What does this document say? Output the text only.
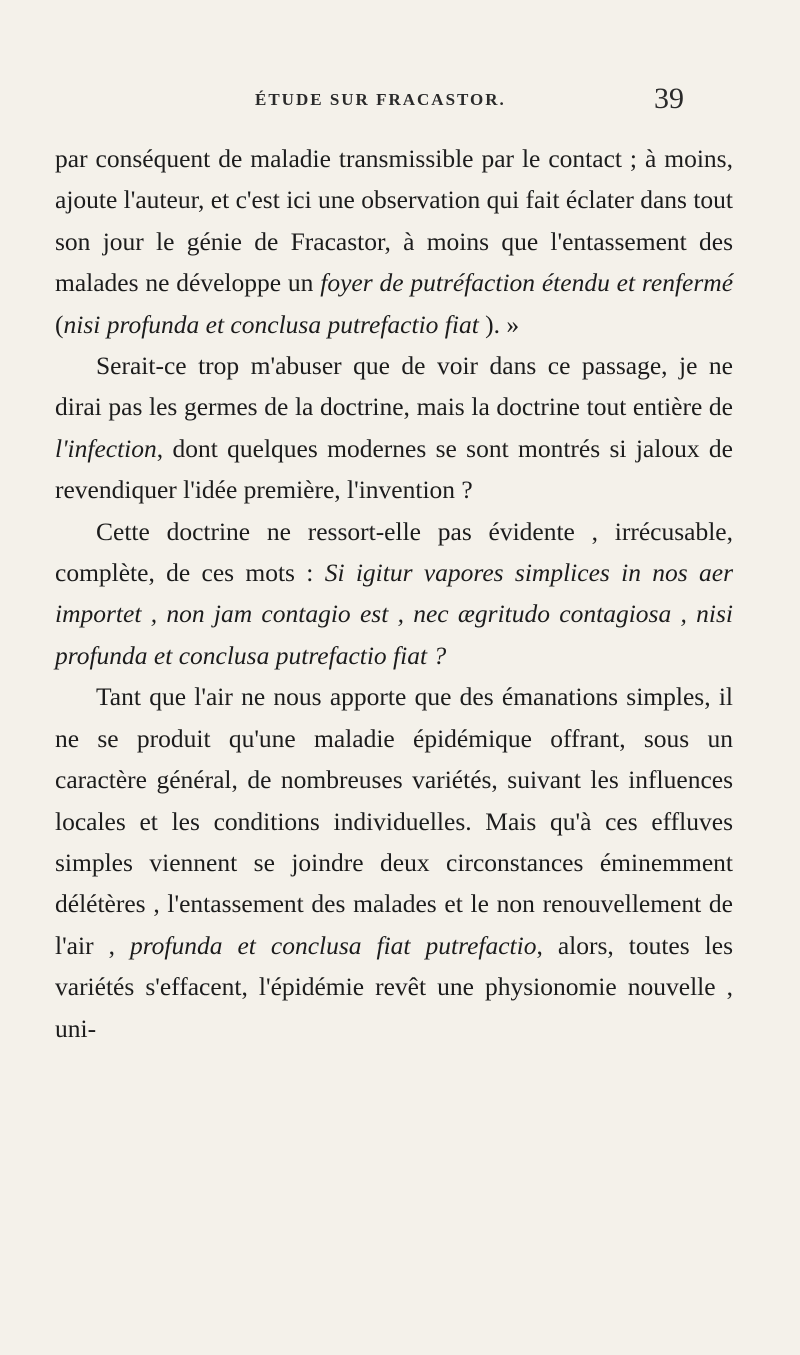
ÉTUDE SUR FRACASTOR.	39

par conséquent de maladie transmissible par le contact ; à moins, ajoute l'auteur, et c'est ici une observation qui fait éclater dans tout son jour le génie de Fracastor, à moins que l'entassement des malades ne développe un foyer de putréfaction étendu et renfermé (nisi profunda et conclusa putrefactio fiat ). »

Serait-ce trop m'abuser que de voir dans ce passage, je ne dirai pas les germes de la doctrine, mais la doctrine tout entière de l'infection, dont quelques modernes se sont montrés si jaloux de revendiquer l'idée première, l'invention ?

Cette doctrine ne ressort-elle pas évidente , irrécusable, complète, de ces mots : Si igitur vapores simplices in nos aer importet , non jam contagio est , nec ægritudo contagiosa , nisi profunda et conclusa putrefactio fiat ?

Tant que l'air ne nous apporte que des émanations simples, il ne se produit qu'une maladie épidémique offrant, sous un caractère général, de nombreuses variétés, suivant les influences locales et les conditions individuelles. Mais qu'à ces effluves simples viennent se joindre deux circonstances éminemment délétères , l'entassement des malades et le non renouvellement de l'air , profunda et conclusa fiat putrefactio, alors, toutes les variétés s'effacent, l'épidémie revêt une physionomie nouvelle , uni-
